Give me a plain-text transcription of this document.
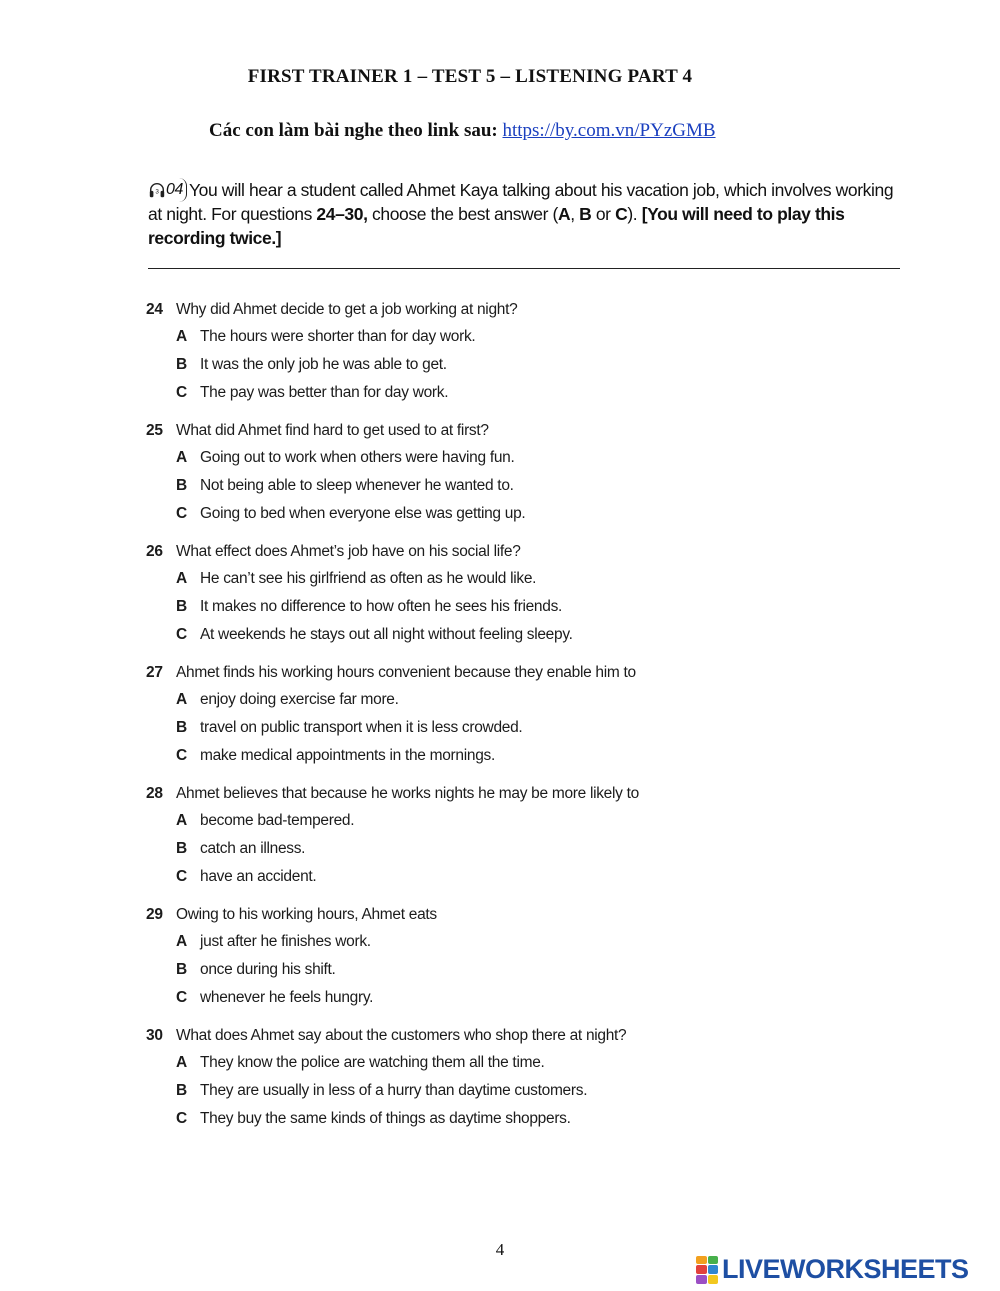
FIRST TRAINER 1 – TEST 5 – LISTENING PART 4
Các con làm bài nghe theo link sau: https://by.com.vn/PYzGMB
3 04 You will hear a student called Ahmet Kaya talking about his vacation job, which involves working at night. For questions 24–30, choose the best answer (A, B or C). [You will need to play this recording twice.]
24 Why did Ahmet decide to get a job working at night?
A The hours were shorter than for day work.
B It was the only job he was able to get.
C The pay was better than for day work.
25 What did Ahmet find hard to get used to at first?
A Going out to work when others were having fun.
B Not being able to sleep whenever he wanted to.
C Going to bed when everyone else was getting up.
26 What effect does Ahmet’s job have on his social life?
A He can’t see his girlfriend as often as he would like.
B It makes no difference to how often he sees his friends.
C At weekends he stays out all night without feeling sleepy.
27 Ahmet finds his working hours convenient because they enable him to
A enjoy doing exercise far more.
B travel on public transport when it is less crowded.
C make medical appointments in the mornings.
28 Ahmet believes that because he works nights he may be more likely to
A become bad-tempered.
B catch an illness.
C have an accident.
29 Owing to his working hours, Ahmet eats
A just after he finishes work.
B once during his shift.
C whenever he feels hungry.
30 What does Ahmet say about the customers who shop there at night?
A They know the police are watching them all the time.
B They are usually in less of a hurry than daytime customers.
C They buy the same kinds of things as daytime shoppers.
4
LIVEWORKSHEETS
